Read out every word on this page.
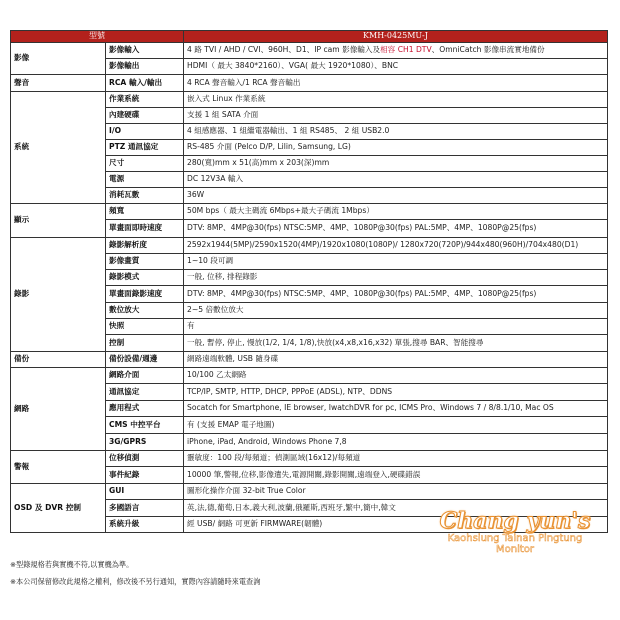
型號		KMH-0425MU-J
影像	影像輸入	4 路 TVI / AHD / CVI、960H、D1、IP cam 影像輸入及相容 CH1 DTV、OmniCatch 影像串流實地備份
	影像輸出	HDMI（ 最大 3840*2160）、VGA( 最大 1920*1080）、BNC
聲音	RCA 輸入/輸出	4 RCA 聲音輸入/1 RCA 聲音輸出
系統	作業系統	嵌入式 Linux 作業系統
	內建硬碟	支援 1 組 SATA 介面
	I/O	4 組感應器、1 組繼電器輸出、1 組 RS485、 2 組 USB2.0
	PTZ 通訊協定	RS-485 介面 (Pelco D/P, Lilin, Samsung, LG)
	尺寸	280(寬)mm x 51(高)mm x 203(深)mm
	電源	DC 12V3A 輸入
	消耗瓦數	36W
顯示	頻寬	50M bps（ 最大主碼流 6Mbps+最大子碼流 1Mbps）
	單畫面即時速度	DTV: 8MP、4MP@30(fps) NTSC:5MP、4MP、1080P@30(fps) PAL:5MP、4MP、1080P@25(fps)
錄影	錄影解析度	2592x1944(5MP)/2590x1520(4MP)/1920x1080(1080P)/ 1280x720(720P)/944x480(960H)/704x480(D1)
	影像畫質	1~10 段可調
	錄影模式	一般, 位移, 排程錄影
	單畫面錄影速度	DTV: 8MP、4MP@30(fps) NTSC:5MP、4MP、1080P@30(fps) PAL:5MP、4MP、1080P@25(fps)
	數位放大	2~5 倍數位放大
	快照	有
	控制	一般, 暫停, 停止, 慢放(1/2, 1/4, 1/8),快放(x4,x8,x16,x32) 單張,搜尋 BAR、智能搜尋
備份	備份設備/週邊	網路遠端軟體, USB 隨身碟
網路	網路介面	10/100 乙太網路
	通訊協定	TCP/IP, SMTP, HTTP, DHCP, PPPoE (ADSL), NTP、DDNS
	應用程式	Socatch for Smartphone, IE browser, IwatchDVR for pc, ICMS Pro、Windows 7 / 8/8.1/10, Mac OS
	CMS 中控平台	有 (支援 EMAP 電子地圖)
	3G/GPRS	iPhone, iPad, Android, Windows Phone 7,8
警報	位移偵測	靈敏度：100 段/每頻道；偵測區域(16x12)/每頻道
	事件紀錄	10000 筆,警報,位移,影像遺失,電源開關,錄影開關,遠端登入,硬碟錯誤
OSD 及 DVR 控制	GUI	圖形化操作介面 32-bit True Color
	多國語言	英,法,德,葡萄,日本,義大利,波蘭,俄羅斯,西班牙,繁中,簡中,韓文
	系統升級	經 USB/ 網路 可更新 FIRMWARE(韌體)
※型錄規格若與實機不符,以實機為準。
※本公司保留修改此規格之權利，修改後不另行通知，實際內容請隨時來電查詢
Chang yun's
Kaohsiung Tainan Pingtung
Monitor
